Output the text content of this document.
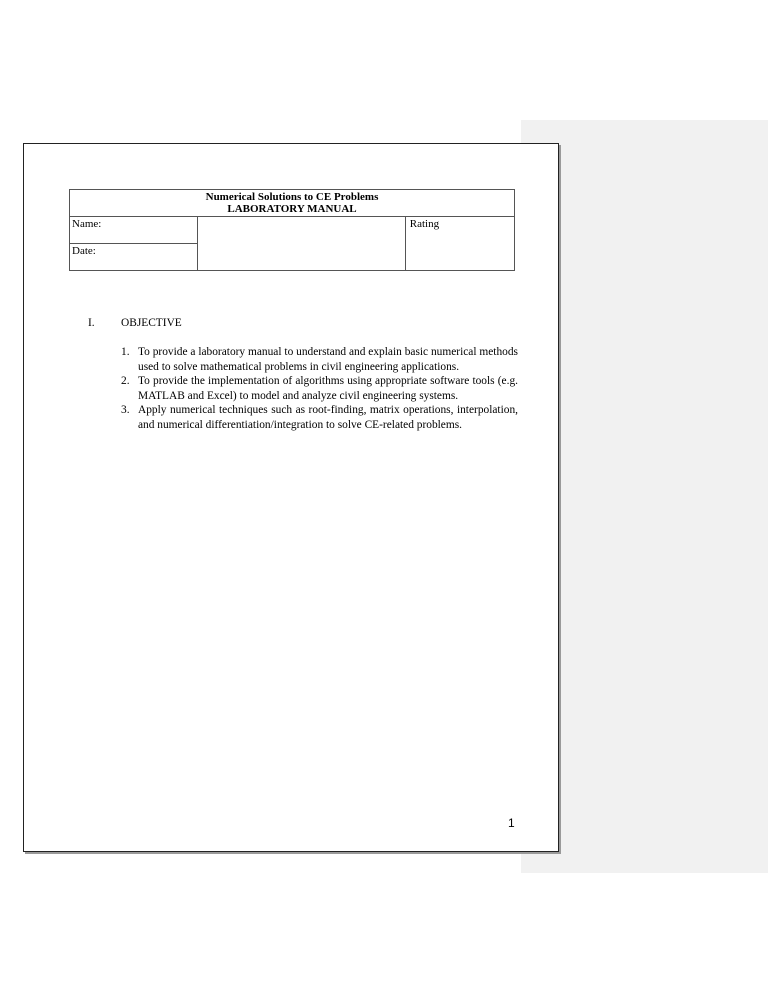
Numerical Solutions to CE Problems
LABORATORY MANUAL

Name:		Rating
Date:
I.	OBJECTIVE
1. To provide a laboratory manual to understand and explain basic numerical methods used to solve mathematical problems in civil engineering applications.
2. To provide the implementation of algorithms using appropriate software tools (e.g. MATLAB and Excel) to model and analyze civil engineering systems.
3. Apply numerical techniques such as root-finding, matrix operations, interpolation, and numerical differentiation/integration to solve CE-related problems.
1
